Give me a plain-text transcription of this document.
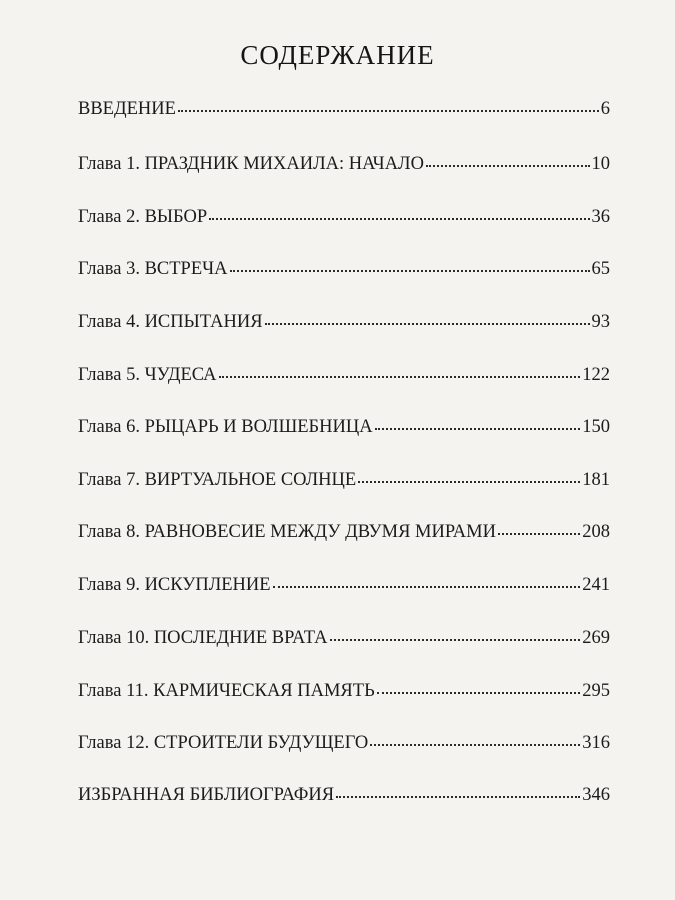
СОДЕРЖАНИЕ
ВВЕДЕНИЕ	6
Глава 1. ПРАЗДНИК МИХАИЛА: НАЧАЛО	10
Глава 2. ВЫБОР	36
Глава 3. ВСТРЕЧА	65
Глава 4. ИСПЫТАНИЯ	93
Глава 5. ЧУДЕСА	122
Глава 6. РЫЦАРЬ И ВОЛШЕБНИЦА	150
Глава 7. ВИРТУАЛЬНОЕ СОЛНЦЕ	181
Глава 8. РАВНОВЕСИЕ МЕЖДУ ДВУМЯ МИРАМИ	208
Глава 9. ИСКУПЛЕНИЕ	241
Глава 10. ПОСЛЕДНИЕ ВРАТА	269
Глава 11. КАРМИЧЕСКАЯ ПАМЯТЬ	295
Глава 12. СТРОИТЕЛИ БУДУЩЕГО	316
ИЗБРАННАЯ БИБЛИОГРАФИЯ	346
